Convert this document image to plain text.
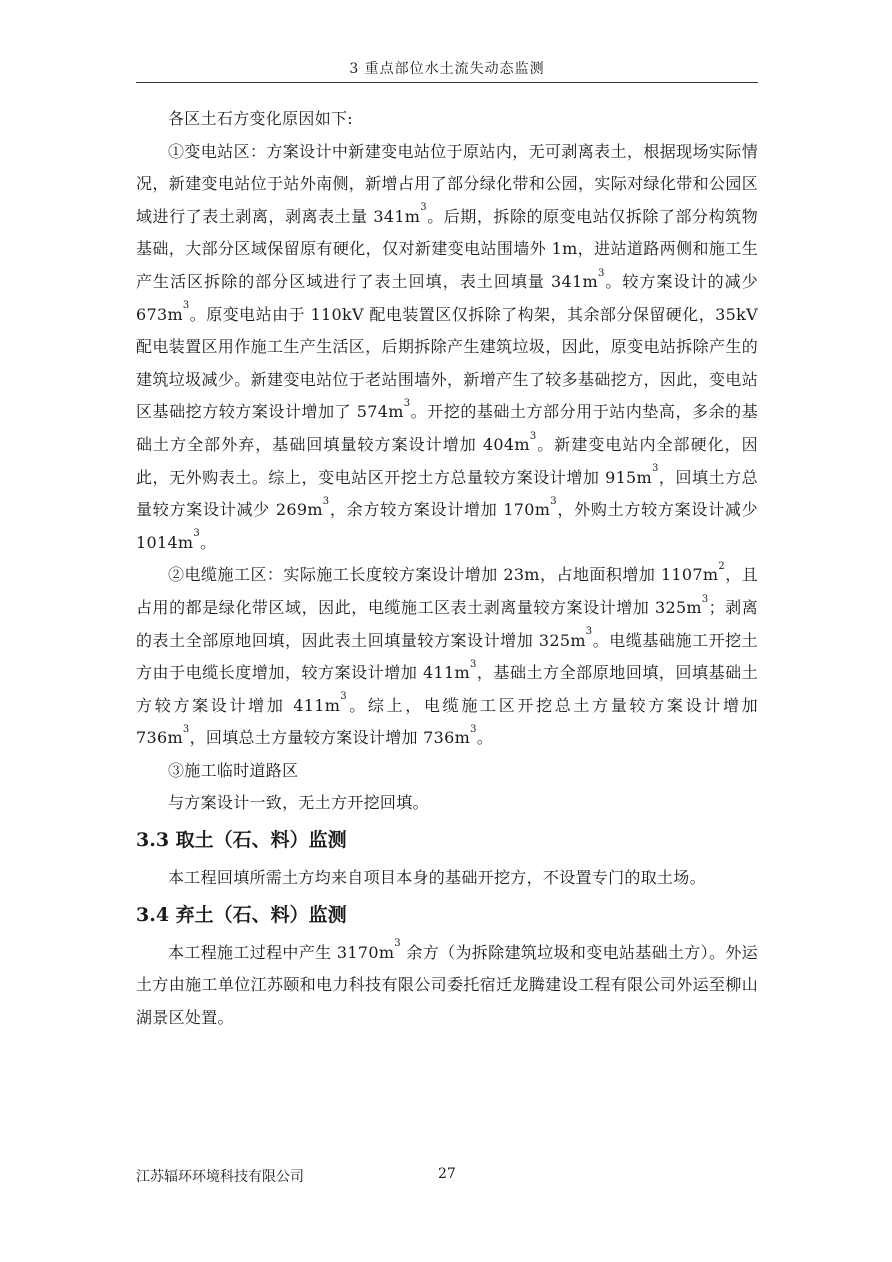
3 重点部位水土流失动态监测

各区土石方变化原因如下:

①变电站区：方案设计中新建变电站位于原站内，无可剥离表土，根据现场实际情况，新建变电站位于站外南侧，新增占用了部分绿化带和公园，实际对绿化带和公园区域进行了表土剥离，剥离表土量 $341m^3$。后期，拆除的原变电站仅拆除了部分构筑物基础，大部分区域保留原有硬化，仅对新建变电站围墙外 1m，进站道路两侧和施工生产生活区拆除的部分区域进行了表土回填，表土回填量 $341m^3$。较方案设计的减少 $673m^3$。原变电站由于 110kV 配电装置区仅拆除了构架，其余部分保留硬化，35kV 配电装置区用作施工生产生活区，后期拆除产生建筑垃圾，因此，原变电站拆除产生的建筑垃圾减少。新建变电站位于老站围墙外，新增产生了较多基础挖方，因此，变电站区基础挖方较方案设计增加了 $574m^3$。开挖的基础土方部分用于站内垫高，多余的基础土方全部外弃，基础回填量较方案设计增加 $404m^3$。新建变电站内全部硬化，因此，无外购表土。综上，变电站区开挖土方总量较方案设计增加 $915m^3$，回填土方总量较方案设计减少 $269m^3$，余方较方案设计增加 $170m^3$，外购土方较方案设计减少 $1014m^3$。

②电缆施工区：实际施工长度较方案设计增加 23m，占地面积增加 $1107m^2$，且占用的都是绿化带区域，因此，电缆施工区表土剥离量较方案设计增加 $325m^3$；剥离的表土全部原地回填，因此表土回填量较方案设计增加 $325m^3$。电缆基础施工开挖土方由于电缆长度增加，较方案设计增加 $411m^3$，基础土方全部原地回填，回填基础土方较方案设计增加 $411m^3$。综上，电缆施工区开挖总土方量较方案设计增加 $736m^3$，回填总土方量较方案设计增加 $736m^3$。

③施工临时道路区

与方案设计一致，无土方开挖回填。

3.3 取土（石、料）监测

本工程回填所需土方均来自项目本身的基础开挖方，不设置专门的取土场。

3.4 弃土（石、料）监测

本工程施工过程中产生 $3170m^3$ 余方（为拆除建筑垃圾和变电站基础土方）。外运土方由施工单位江苏颐和电力科技有限公司委托宿迁龙腾建设工程有限公司外运至柳山湖景区处置。

江苏辐环环境科技有限公司	27
